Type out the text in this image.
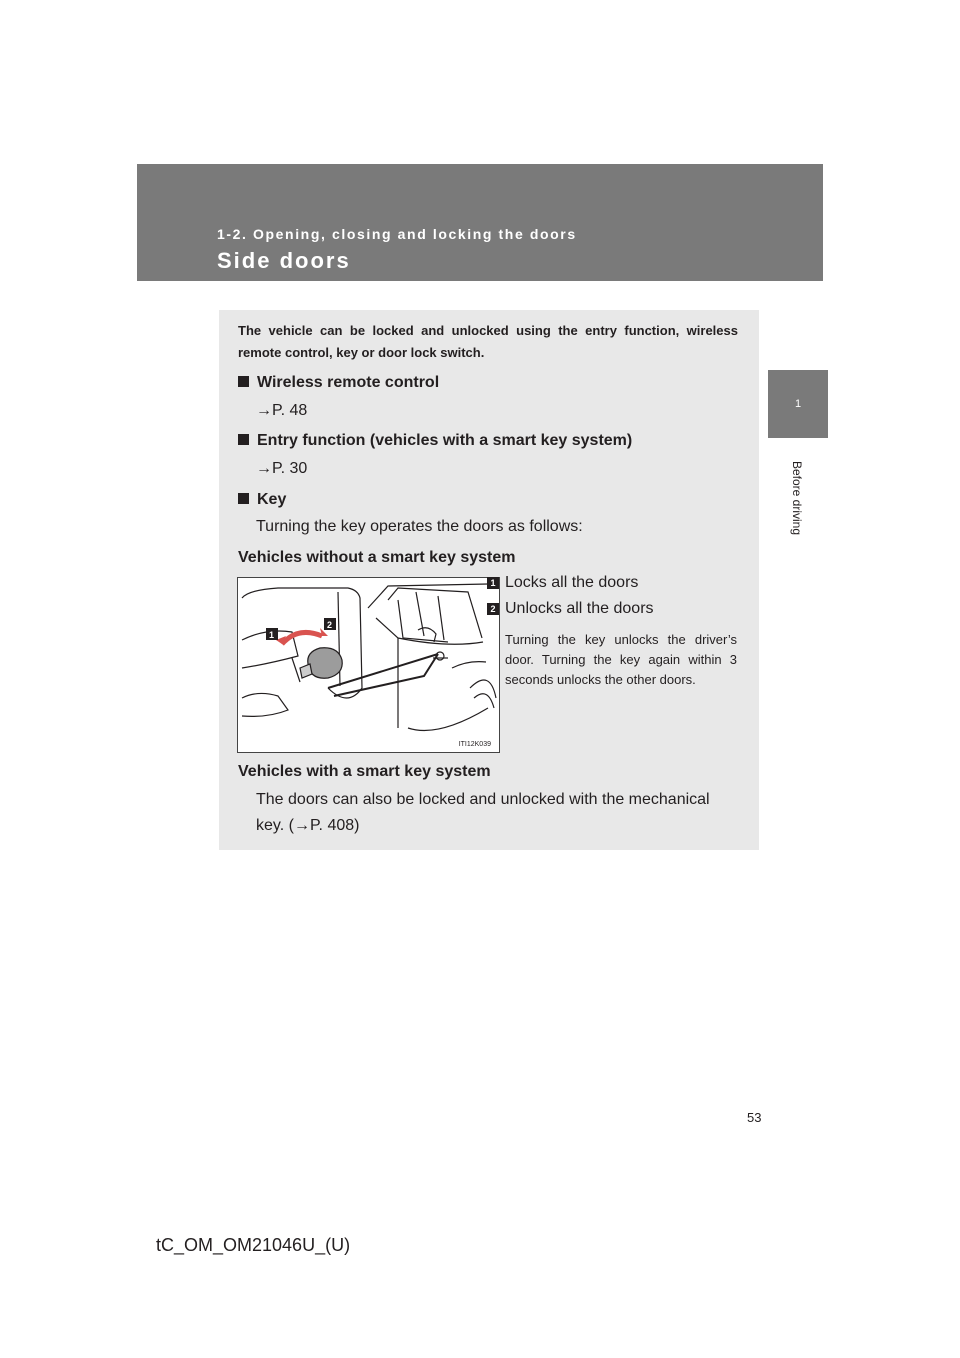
1-2. Opening, closing and locking the doors

Side doors
1
Before driving

The vehicle can be locked and unlocked using the entry function, wireless remote control, key or door lock switch.

Wireless remote control

→P. 48

Entry function (vehicles with a smart key system)

→P. 30

Key

Turning the key operates the doors as follows:

Vehicles without a smart key system

1
2
ITI12K039
1 Locks all the doors
2 Unlocks all the doors

Turning the key unlocks the driver’s door. Turning the key again within 3 seconds unlocks the other doors.

Vehicles with a smart key system

The doors can also be locked and unlocked with the mechanical key. (→P. 408)

53
tC_OM_OM21046U_(U)
